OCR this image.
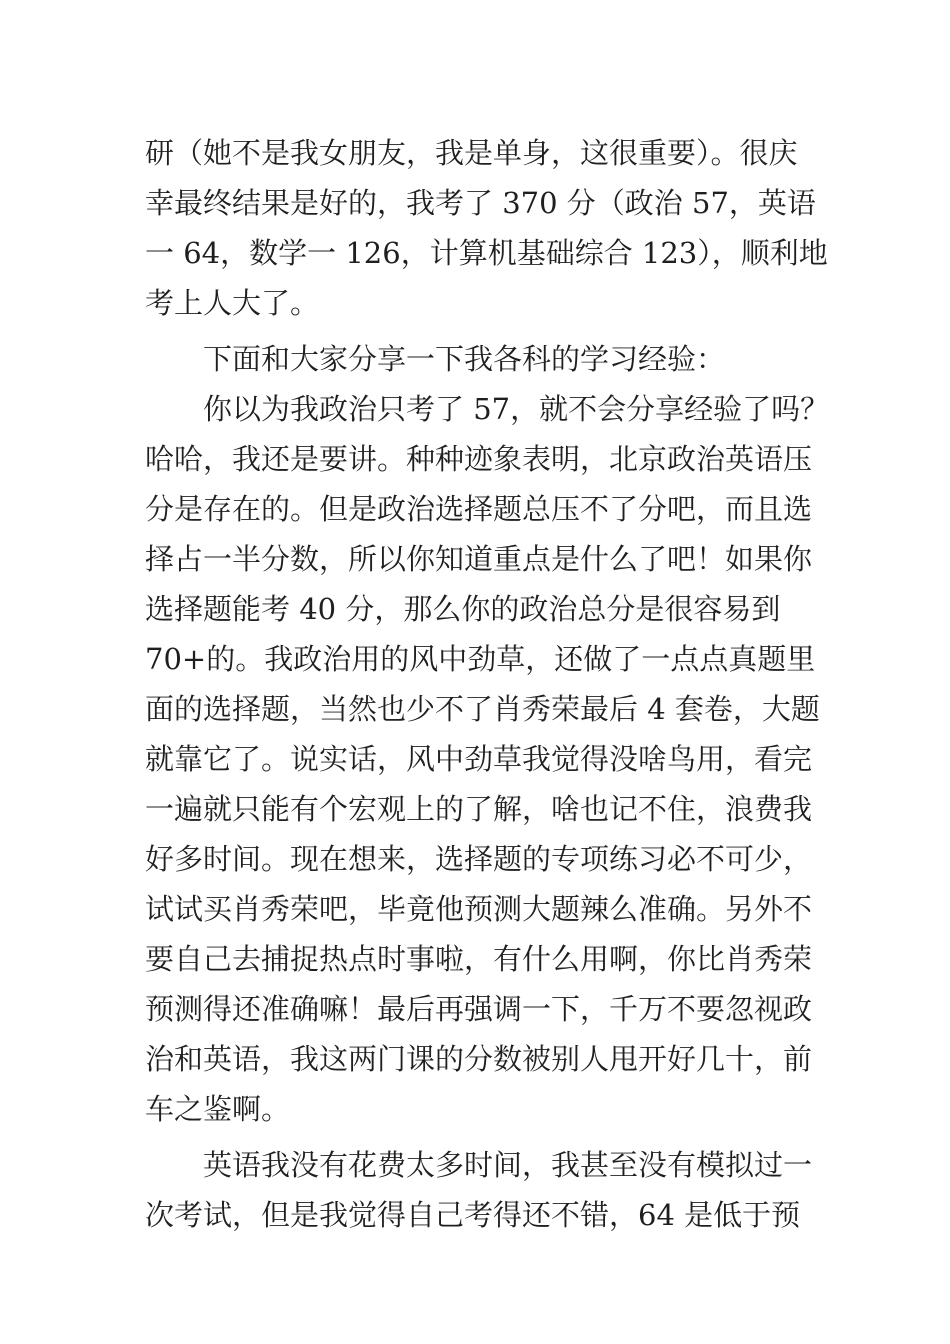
研（她不是我女朋友，我是单身，这很重要）。很庆
幸最终结果是好的，我考了 370 分（政治 57，英语
一 64，数学一 126，计算机基础综合 123），顺利地
考上人大了。
下面和大家分享一下我各科的学习经验：
你以为我政治只考了 57，就不会分享经验了吗？
哈哈，我还是要讲。种种迹象表明，北京政治英语压
分是存在的。但是政治选择题总压不了分吧，而且选
择占一半分数，所以你知道重点是什么了吧！如果你
选择题能考 40 分，那么你的政治总分是很容易到
70+的。我政治用的风中劲草，还做了一点点真题里
面的选择题，当然也少不了肖秀荣最后 4 套卷，大题
就靠它了。说实话，风中劲草我觉得没啥鸟用，看完
一遍就只能有个宏观上的了解，啥也记不住，浪费我
好多时间。现在想来，选择题的专项练习必不可少，
试试买肖秀荣吧，毕竟他预测大题辣么准确。另外不
要自己去捕捉热点时事啦，有什么用啊，你比肖秀荣
预测得还准确嘛！最后再强调一下，千万不要忽视政
治和英语，我这两门课的分数被别人甩开好几十，前
车之鉴啊。
英语我没有花费太多时间，我甚至没有模拟过一
次考试，但是我觉得自己考得还不错，64 是低于预
